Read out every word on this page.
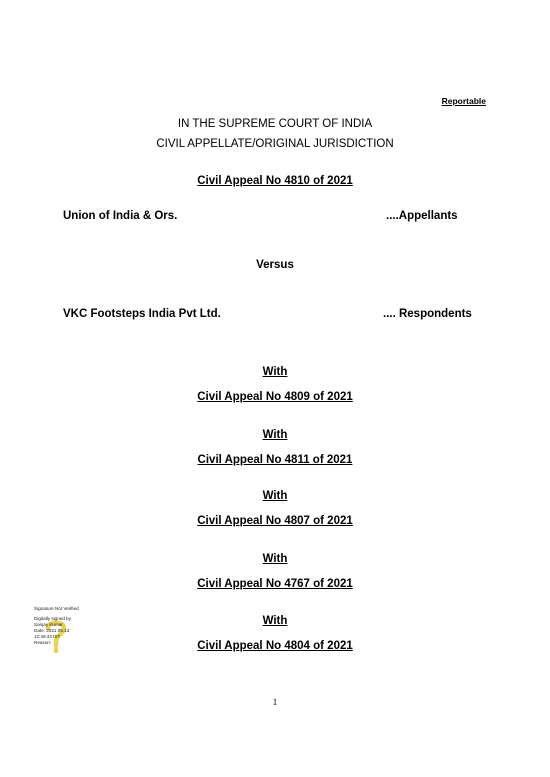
Reportable
IN THE SUPREME COURT OF INDIA
CIVIL APPELLATE/ORIGINAL JURISDICTION
Civil Appeal No 4810 of 2021
Union of India & Ors.	....Appellants
Versus
VKC Footsteps India Pvt Ltd.	.... Respondents
With
Civil Appeal No 4809 of 2021
With
Civil Appeal No 4811 of 2021
With
Civil Appeal No 4807 of 2021
With
Civil Appeal No 4767 of 2021
With
Civil Appeal No 4804 of 2021
Signature Not Verified
Digitally signed by
Sanjay Kumar
Date: 2021.09.13
12:46:43 IST
Reason:
1
